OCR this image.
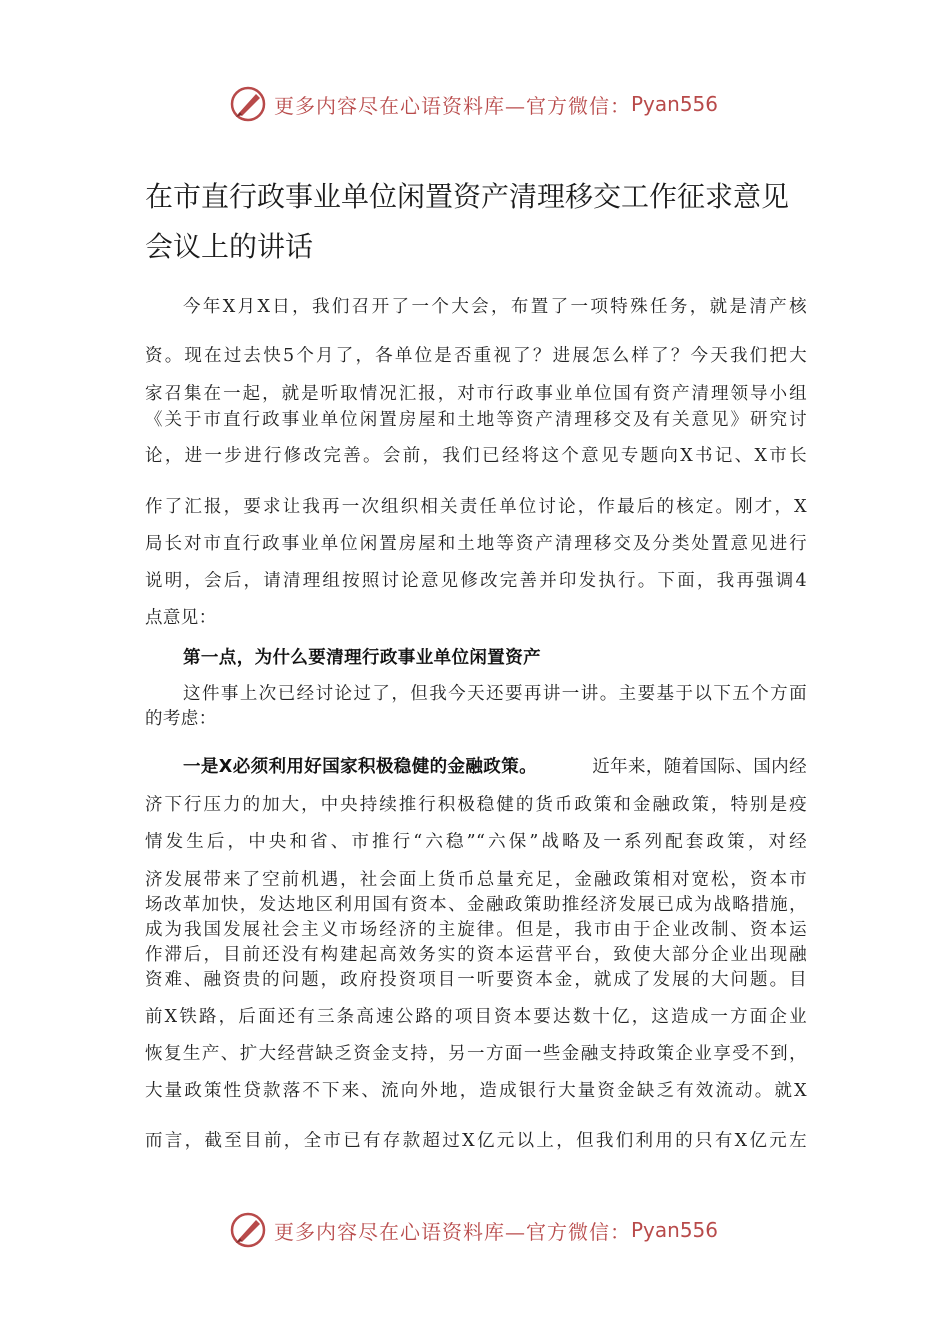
更多内容尽在心语资料库—官方微信： Pyan556
在市直行政事业单位闲置资产清理移交工作征求意见
会议上的讲话
今年X月X日，我们召开了一个大会，布置了一项特殊任务，就是清产核
资。现在过去快5个月了，各单位是否重视了？进展怎么样了？今天我们把大
家召集在一起，就是听取情况汇报，对市行政事业单位国有资产清理领导小组
《关于市直行政事业单位闲置房屋和土地等资产清理移交及有关意见》研究讨
论，进一步进行修改完善。会前，我们已经将这个意见专题向X书记、X市长
作了汇报，要求让我再一次组织相关责任单位讨论，作最后的核定。刚才，X
局长对市直行政事业单位闲置房屋和土地等资产清理移交及分类处置意见进行
说明，会后，请清理组按照讨论意见修改完善并印发执行。下面，我再强调4
点意见：
第一点，为什么要清理行政事业单位闲置资产
这件事上次已经讨论过了，但我今天还要再讲一讲。主要基于以下五个方面
的考虑：
一是X必须利用好国家积极稳健的金融政策。	近年来，随着国际、国内经
济下行压力的加大，中央持续推行积极稳健的货币政策和金融政策，特别是疫
情发生后，中央和省、市推行“六稳”“六保”战略及一系列配套政策，对经
济发展带来了空前机遇，社会面上货币总量充足，金融政策相对宽松，资本市
场改革加快，发达地区利用国有资本、金融政策助推经济发展已成为战略措施，
成为我国发展社会主义市场经济的主旋律。但是，我市由于企业改制、资本运
作滞后，目前还没有构建起高效务实的资本运营平台，致使大部分企业出现融
资难、融资贵的问题，政府投资项目一听要资本金，就成了发展的大问题。目
前X铁路，后面还有三条高速公路的项目资本要达数十亿，这造成一方面企业
恢复生产、扩大经营缺乏资金支持，另一方面一些金融支持政策企业享受不到，
大量政策性贷款落不下来、流向外地，造成银行大量资金缺乏有效流动。就X
而言，截至目前，全市已有存款超过X亿元以上，但我们利用的只有X亿元左
更多内容尽在心语资料库—官方微信： Pyan556
